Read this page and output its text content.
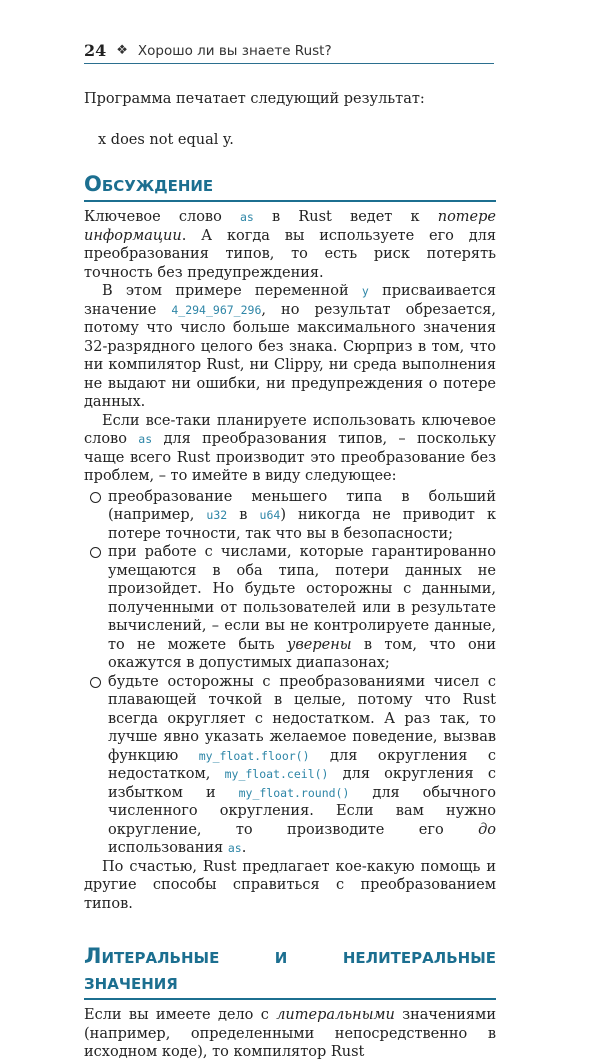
24 ❖ Хорошо ли вы знаете Rust?

Программа печатает следующий результат:

x does not equal y.

Обсуждение

Ключевое слово as в Rust ведет к потере информации. А когда вы используете его для преобразования типов, то есть риск потерять точность без предупреждения.

В этом примере переменной y присваивается значение 4_294_967_296, но результат обрезается, потому что число больше максимального значения 32-разрядного целого без знака. Сюрприз в том, что ни компилятор Rust, ни Clippy, ни среда выполнения не выдают ни ошибки, ни предупреждения о потере данных.

Если все-таки планируете использовать ключевое слово as для преобразования типов, – поскольку чаще всего Rust производит это преобразование без проблем, – то имейте в виду следующее:

преобразование меньшего типа в больший (например, u32 в u64) никогда не приводит к потере точности, так что вы в безопасности;
при работе с числами, которые гарантированно умещаются в оба типа, потери данных не произойдет. Но будьте осторожны с данными, полученными от пользователей или в результате вычислений, – если вы не контролируете данные, то не можете быть уверены в том, что они окажутся в допустимых диапазонах;
будьте осторожны с преобразованиями чисел с плавающей точкой в целые, потому что Rust всегда округляет с недостатком. А раз так, то лучше явно указать желаемое поведение, вызвав функцию my_float.floor() для округления с недостатком, my_float.ceil() для округления с избытком и my_float.round() для обычного численного округления. Если вам нужно округление, то производите его до использования as.

По счастью, Rust предлагает кое-какую помощь и другие способы справиться с преобразованием типов.

Литеральные и нелитеральные значения

Если вы имеете дело с литеральными значениями (например, определенными непосредственно в исходном коде), то компилятор Rust
